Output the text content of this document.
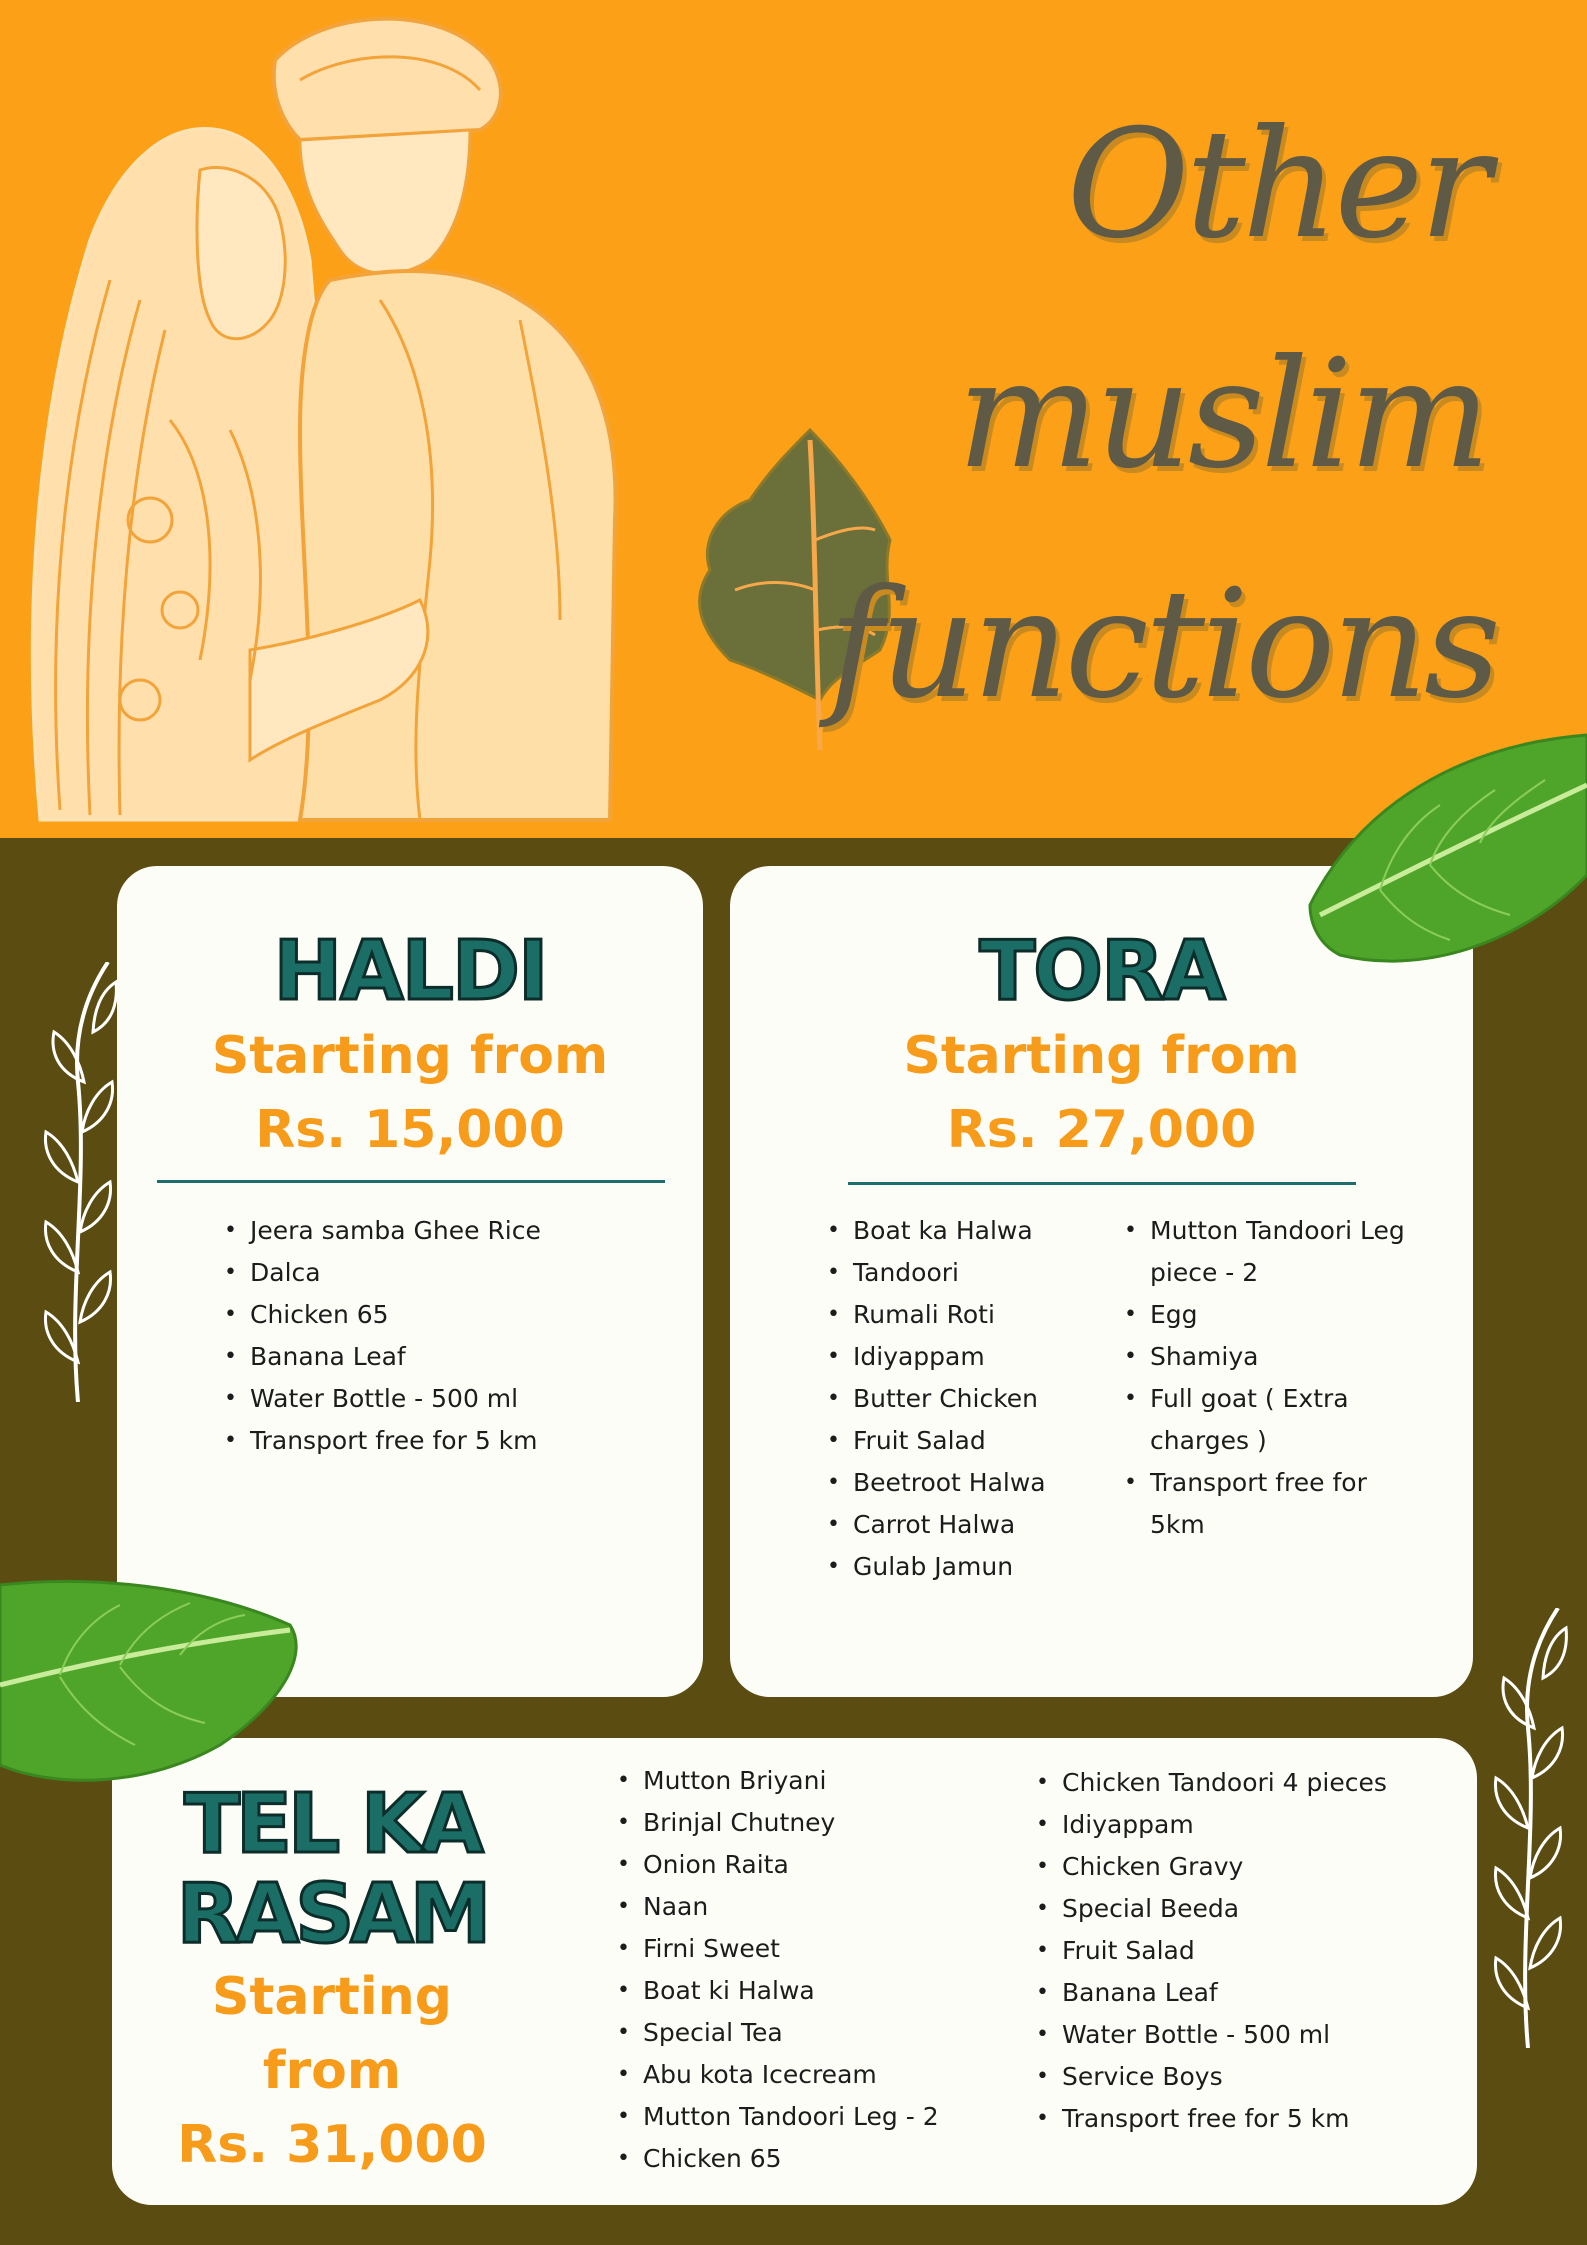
Other muslim
functions
HALDI
Starting from
Rs. 15,000
• Jeera samba Ghee Rice
• Dalca
• Chicken 65
• Banana Leaf
• Water Bottle - 500 ml
• Transport free for 5 km
TORA
Starting from
Rs. 27,000
• Boat ka Halwa
• Tandoori
• Rumali Roti
• Idiyappam
• Butter Chicken
• Fruit Salad
• Beetroot Halwa
• Carrot Halwa
• Gulab Jamun
• Mutton Tandoori Leg piece - 2
• Egg
• Shamiya
• Full goat ( Extra charges )
• Transport free for 5km
TEL KA
RASAM
Starting from
Rs. 31,000
• Mutton Briyani
• Brinjal Chutney
• Onion Raita
• Naan
• Firni Sweet
• Boat ki Halwa
• Special Tea
• Abu kota Icecream
• Mutton Tandoori Leg - 2
• Chicken 65
• Chicken Tandoori 4 pieces
• Idiyappam
• Chicken Gravy
• Special Beeda
• Fruit Salad
• Banana Leaf
• Water Bottle - 500 ml
• Service Boys
• Transport free for 5 km
